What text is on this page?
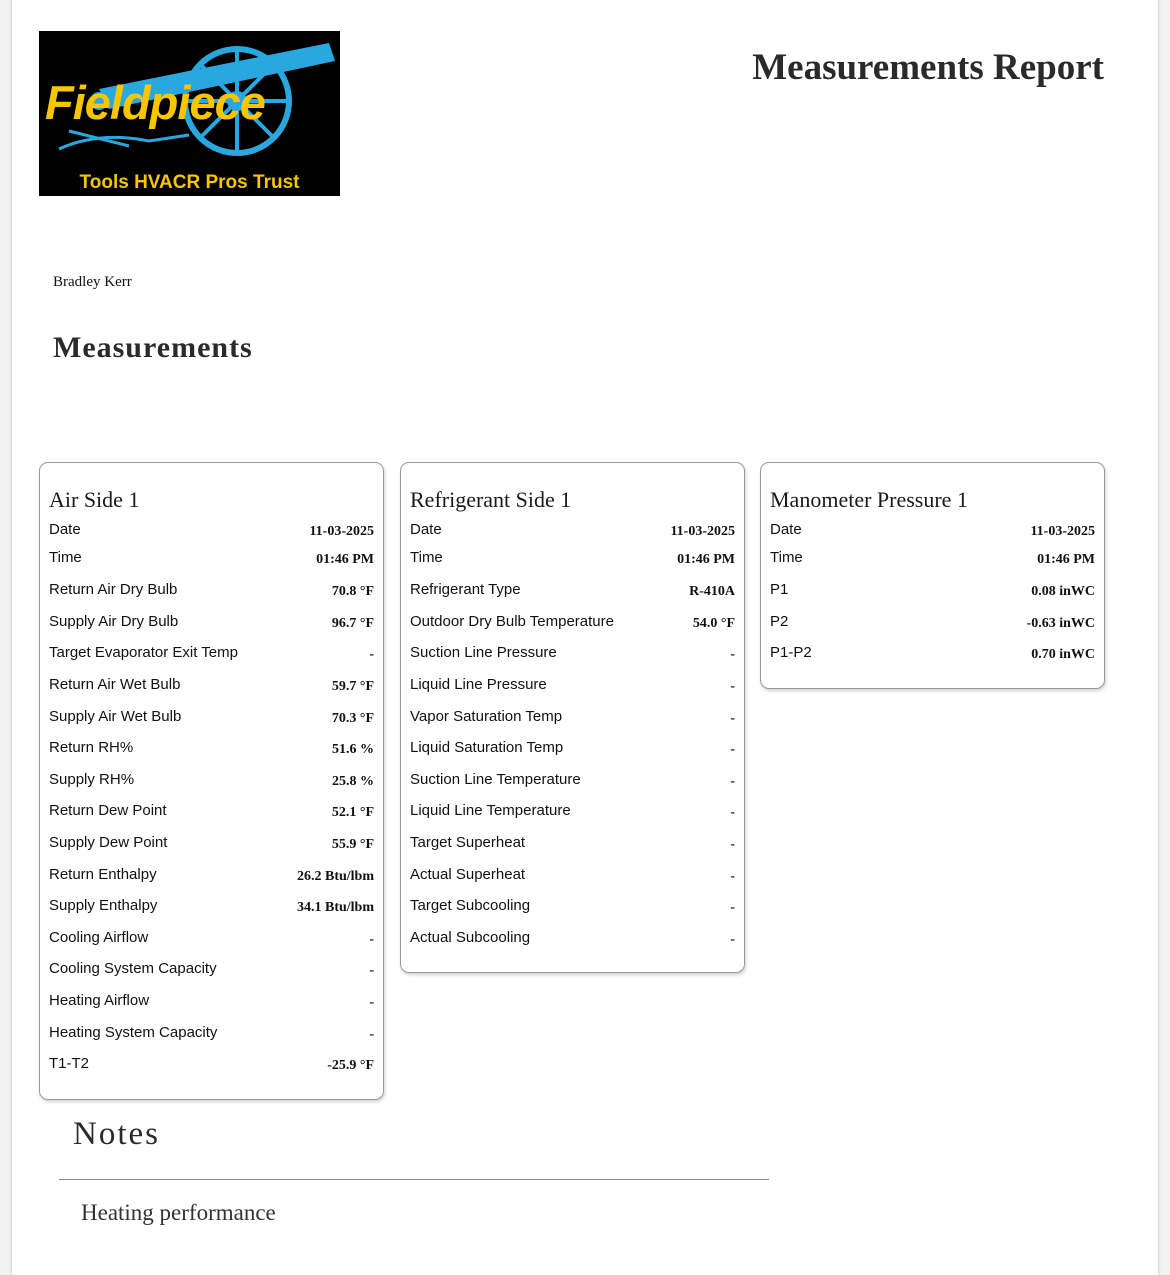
Fieldpiece
Tools HVACR Pros Trust
Measurements Report
Bradley Kerr
Measurements
Air Side 1
Date	11-03-2025
Time	01:46 PM
Return Air Dry Bulb	70.8 °F
Supply Air Dry Bulb	96.7 °F
Target Evaporator Exit Temp	-
Return Air Wet Bulb	59.7 °F
Supply Air Wet Bulb	70.3 °F
Return RH%	51.6 %
Supply RH%	25.8 %
Return Dew Point	52.1 °F
Supply Dew Point	55.9 °F
Return Enthalpy	26.2 Btu/lbm
Supply Enthalpy	34.1 Btu/lbm
Cooling Airflow	-
Cooling System Capacity	-
Heating Airflow	-
Heating System Capacity	-
T1-T2	-25.9 °F
Refrigerant Side 1
Date	11-03-2025
Time	01:46 PM
Refrigerant Type	R-410A
Outdoor Dry Bulb Temperature	54.0 °F
Suction Line Pressure	-
Liquid Line Pressure	-
Vapor Saturation Temp	-
Liquid Saturation Temp	-
Suction Line Temperature	-
Liquid Line Temperature	-
Target Superheat	-
Actual Superheat	-
Target Subcooling	-
Actual Subcooling	-
Manometer Pressure 1
Date	11-03-2025
Time	01:46 PM
P1	0.08 inWC
P2	-0.63 inWC
P1-P2	0.70 inWC
Notes
Heating performance
